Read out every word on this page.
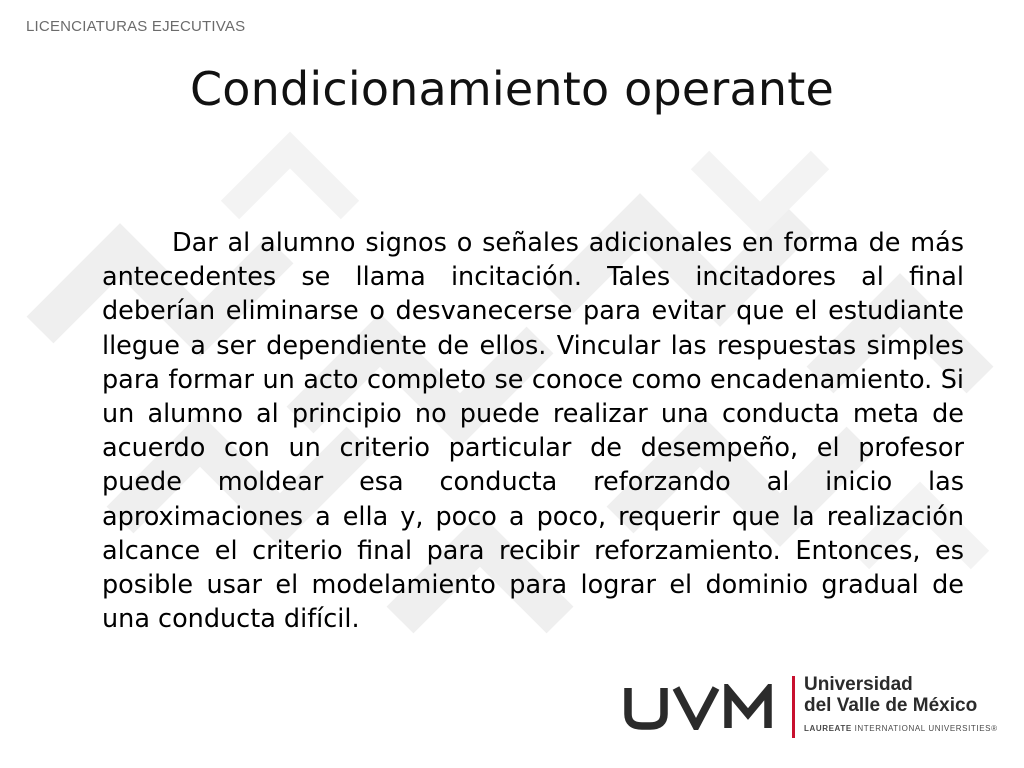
LICENCIATURAS EJECUTIVAS
Condicionamiento operante

Dar al alumno signos o señales adicionales en forma de más antecedentes se llama incitación. Tales incitadores al final deberían eliminarse o desvanecerse para evitar que el estudiante llegue a ser dependiente de ellos. Vincular las respuestas simples para formar un acto completo se conoce como encadenamiento. Si un alumno al principio no puede realizar una conducta meta de acuerdo con un criterio particular de desempeño, el profesor puede moldear esa conducta reforzando al inicio las aproximaciones a ella y, poco a poco, requerir que la realización alcance el criterio final para recibir reforzamiento. Entonces, es posible usar el modelamiento para lograr el dominio gradual de una conducta difícil.

Universidad
del Valle de México
LAUREATE INTERNATIONAL UNIVERSITIES®
